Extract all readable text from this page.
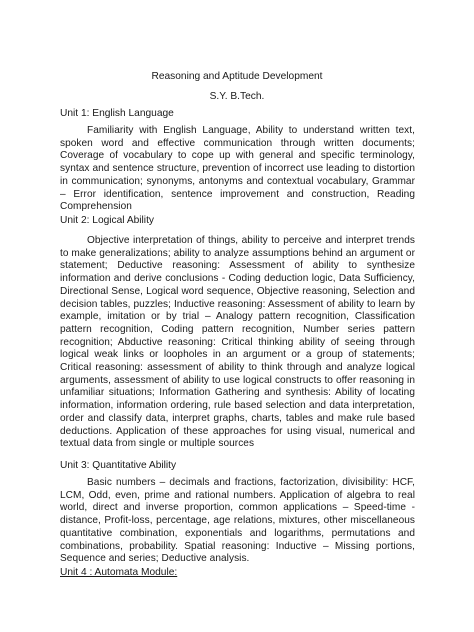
Reasoning and Aptitude Development
S.Y. B.Tech.
Unit 1: English Language
Familiarity with English Language, Ability to understand written text, spoken word and effective communication through written documents; Coverage of vocabulary to cope up with general and specific terminology, syntax and sentence structure, prevention of incorrect use leading to distortion in communication; synonyms, antonyms and contextual vocabulary, Grammar – Error identification, sentence improvement and construction, Reading Comprehension
Unit 2: Logical Ability
Objective interpretation of things, ability to perceive and interpret trends to make generalizations; ability to analyze assumptions behind an argument or statement; Deductive reasoning: Assessment of ability to synthesize information and derive conclusions - Coding deduction logic, Data Sufficiency, Directional Sense, Logical word sequence, Objective reasoning, Selection and decision tables, puzzles; Inductive reasoning: Assessment of ability to learn by example, imitation or by trial – Analogy pattern recognition, Classification pattern recognition, Coding pattern recognition, Number series pattern recognition; Abductive reasoning: Critical thinking ability of seeing through logical weak links or loopholes in an argument or a group of statements; Critical reasoning: assessment of ability to think through and analyze logical arguments, assessment of ability to use logical constructs to offer reasoning in unfamiliar situations; Information Gathering and synthesis: Ability of locating information, information ordering, rule based selection and data interpretation, order and classify data, interpret graphs, charts, tables and make rule based deductions. Application of these approaches for using visual, numerical and textual data from single or multiple sources
Unit 3: Quantitative Ability
Basic numbers – decimals and fractions, factorization, divisibility: HCF, LCM, Odd, even, prime and rational numbers. Application of algebra to real world, direct and inverse proportion, common applications – Speed-time -distance, Profit-loss, percentage, age relations, mixtures, other miscellaneous quantitative combination, exponentials and logarithms, permutations and combinations, probability. Spatial reasoning: Inductive – Missing portions, Sequence and series; Deductive analysis.
Unit 4 : Automata Module:
